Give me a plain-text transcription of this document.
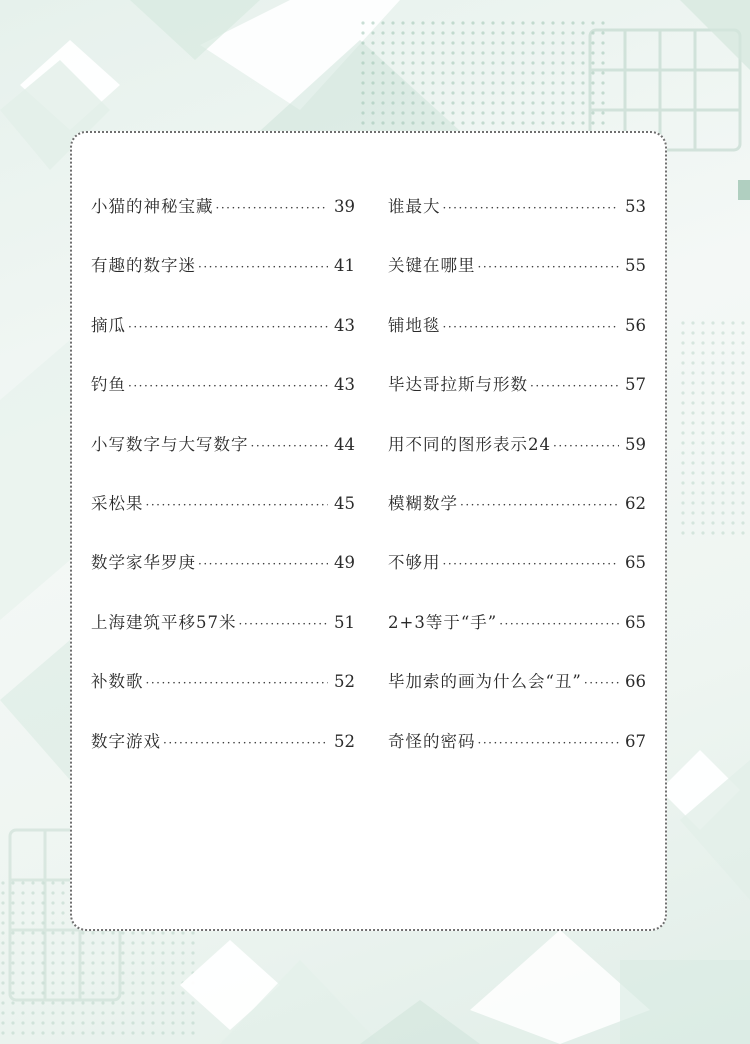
小猫的神秘宝藏 ·····	39
有趣的数字迷 ·····	41
摘瓜 ·····	43
钓鱼 ·····	43
小写数字与大写数字 ·····	44
采松果 ·····	45
数学家华罗庚 ·····	49
上海建筑平移57米 ·····	51
补数歌 ·····	52
数字游戏 ·····	52
谁最大 ·····	53
关键在哪里 ·····	55
铺地毯 ·····	56
毕达哥拉斯与形数 ·····	57
用不同的图形表示24 ·····	59
模糊数学 ·····	62
不够用 ·····	65
2+3等于“手” ·····	65
毕加索的画为什么会“丑” ·····	66
奇怪的密码 ·····	67
